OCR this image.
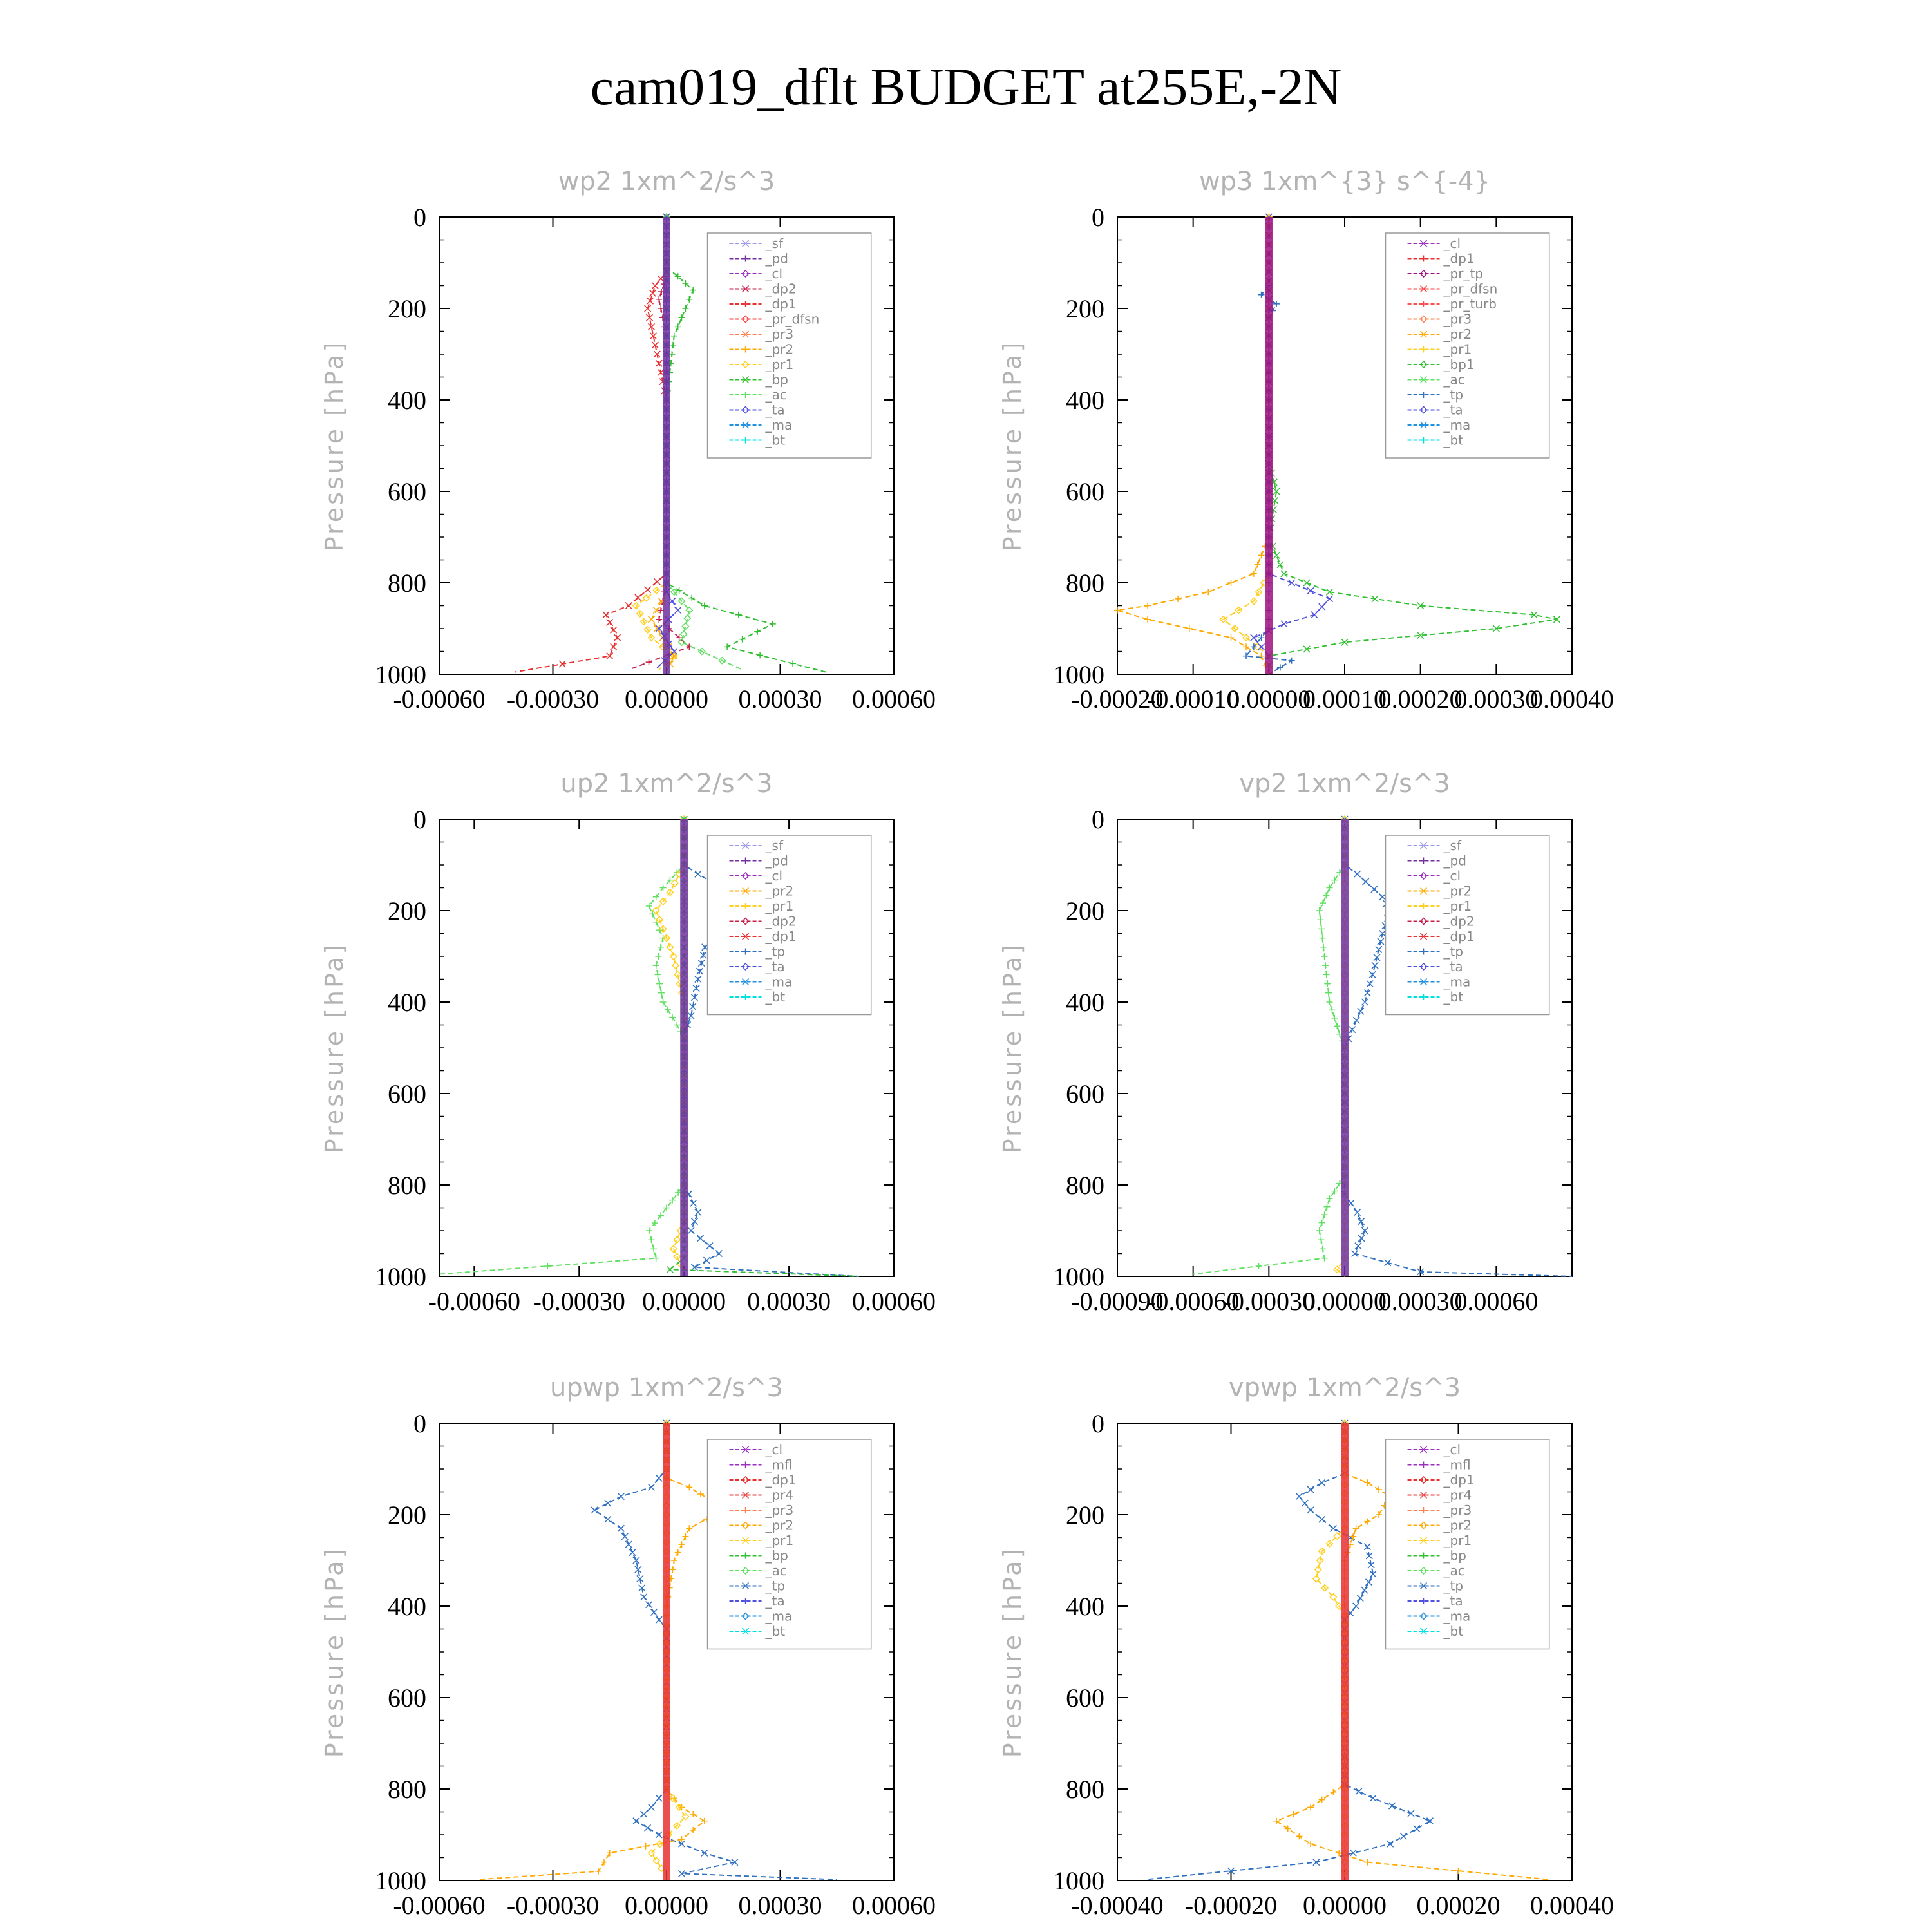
cam019_dflt BUDGET at255E,-2N
wp2 1xm^2/s^3
0
200
400
600
800
1000
-0.00060 -0.00030 0.00000 0.00030 0.00060
Pressure [hPa]
_sf
_pd
_cl
_dp2
_dp1
_pr_dfsn
_pr3
_pr2
_pr1
_bp
_ac
_ta
_ma
_bt
wp3 1xm^{3} s^{-4}
0
200
400
600
800
1000
-0.00020
-0.00010
0.00000
0.00010
0.00020
0.00030
0.00040
Pressure [hPa]
_cl
_dp1
_pr_tp
_pr_dfsn
_pr_turb
_pr3
_pr2
_pr1
_bp1
_ac
_tp
_ta
_ma
_bt
up2 1xm^2/s^3
0
200
400
600
800
1000
-0.00060 -0.00030 0.00000 0.00030 0.00060
Pressure [hPa]
_sf
_pd
_cl
_pr2
_pr1
_dp2
_dp1
_tp
_ta
_ma
_bt
vp2 1xm^2/s^3
0
200
400
600
800
1000
-0.00090
-0.00060
-0.00030
0.00000
0.00030
0.00060
Pressure [hPa]
_sf
_pd
_cl
_pr2
_pr1
_dp2
_dp1
_tp
_ta
_ma
_bt
upwp 1xm^2/s^3
0
200
400
600
800
1000
-0.00060 -0.00030 0.00000 0.00030 0.00060
Pressure [hPa]
_cl
_mfl
_dp1
_pr4
_pr3
_pr2
_pr1
_bp
_ac
_tp
_ta
_ma
_bt
vpwp 1xm^2/s^3
0
200
400
600
800
1000
-0.00040 -0.00020 0.00000 0.00020 0.00040
Pressure [hPa]
_cl
_mfl
_dp1
_pr4
_pr3
_pr2
_pr1
_bp
_ac
_tp
_ta
_ma
_bt
